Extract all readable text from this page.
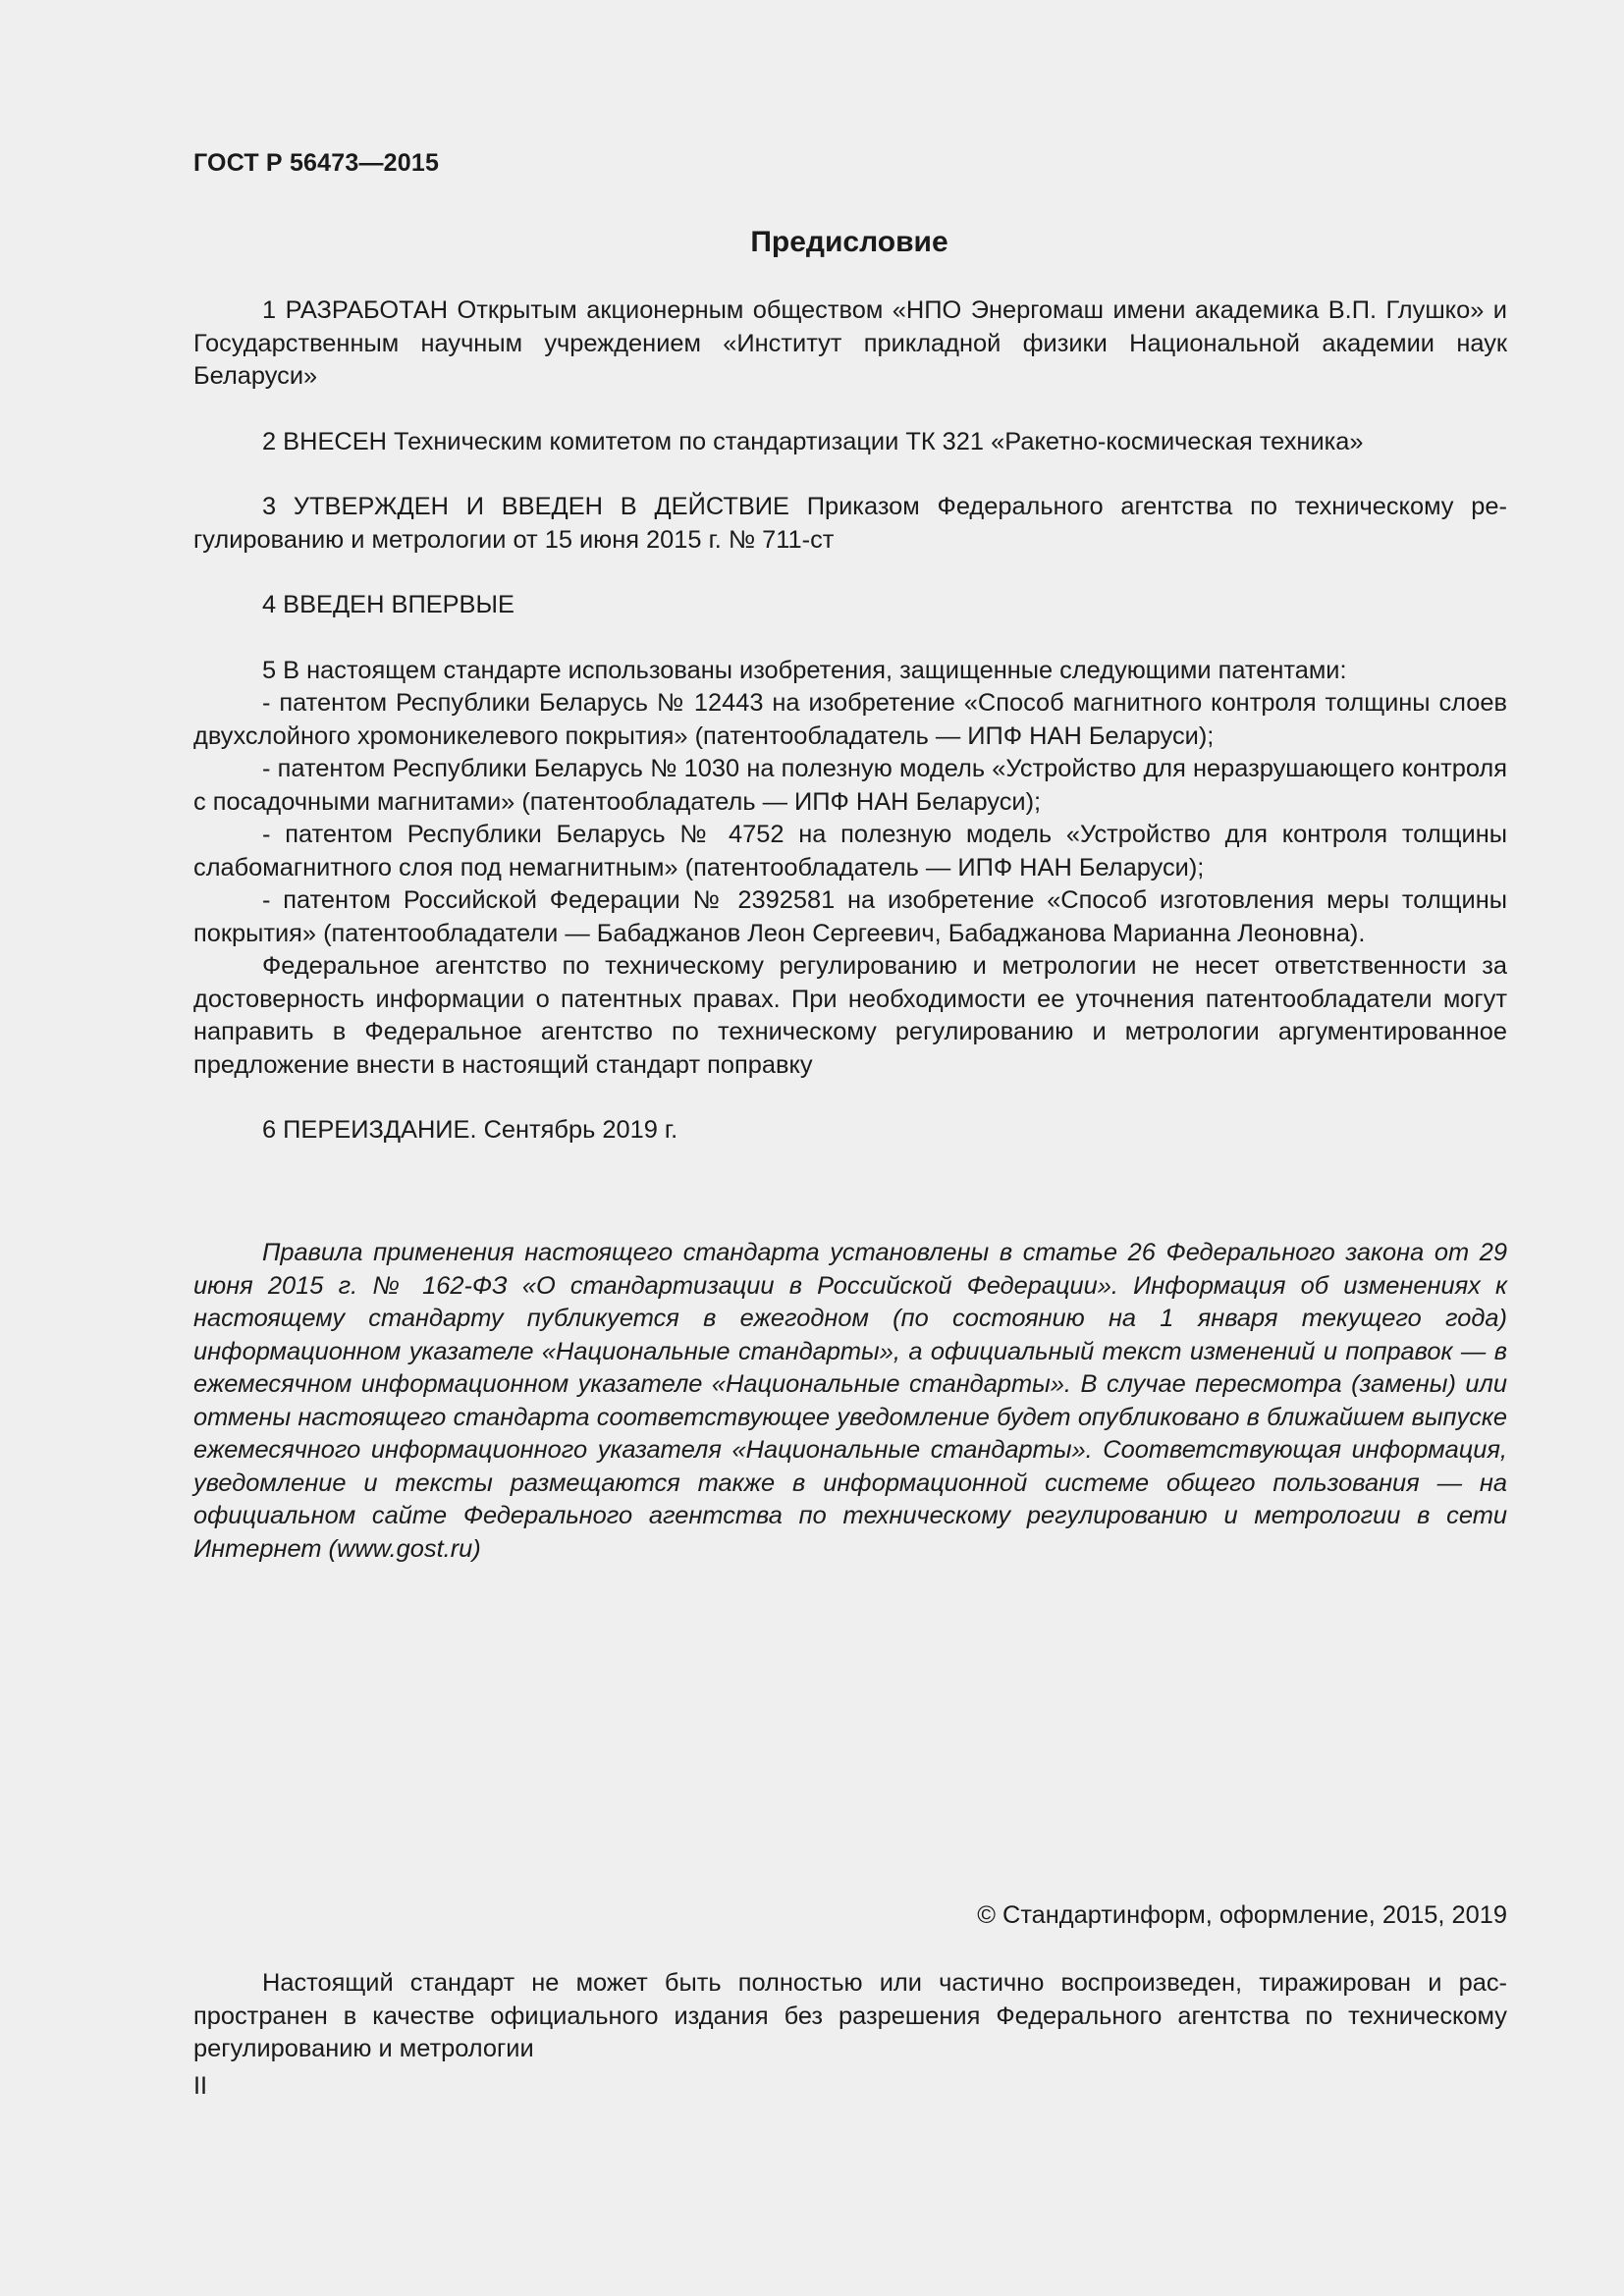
ГОСТ Р 56473—2015
Предисловие

1 РАЗРАБОТАН Открытым акционерным обществом «НПО Энергомаш имени академика В.П. Глушко» и Государственным научным учреждением «Институт прикладной физики Национальной академии наук Беларуси»

2 ВНЕСЕН Техническим комитетом по стандартизации ТК 321 «Ракетно-космическая техника»

3 УТВЕРЖДЕН И ВВЕДЕН В ДЕЙСТВИЕ Приказом Федерального агентства по техническому регулированию и метрологии от 15 июня 2015 г. № 711-ст

4 ВВЕДЕН ВПЕРВЫЕ

5 В настоящем стандарте использованы изобретения, защищенные следующими патентами:

- патентом Республики Беларусь № 12443 на изобретение «Способ магнитного контроля толщины слоев двухслойного хромоникелевого покрытия» (патентообладатель — ИПФ НАН Беларуси);

- патентом Республики Беларусь № 1030 на полезную модель «Устройство для неразрушающего контроля с посадочными магнитами» (патентообладатель — ИПФ НАН Беларуси);

- патентом Республики Беларусь № 4752 на полезную модель «Устройство для контроля толщины слабомагнитного слоя под немагнитным» (патентообладатель — ИПФ НАН Беларуси);

- патентом Российской Федерации № 2392581 на изобретение «Способ изготовления меры толщины покрытия» (патентообладатели — Бабаджанов Леон Сергеевич, Бабаджанова Марианна Леоновна).

Федеральное агентство по техническому регулированию и метрологии не несет ответственности за достоверность информации о патентных правах. При необходимости ее уточнения патентообладатели могут направить в Федеральное агентство по техническому регулированию и метрологии аргументированное предложение внести в настоящий стандарт поправку

6 ПЕРЕИЗДАНИЕ. Сентябрь 2019 г.

Правила применения настоящего стандарта установлены в статье 26 Федерального закона от 29 июня 2015 г. № 162-ФЗ «О стандартизации в Российской Федерации». Информация об изменениях к настоящему стандарту публикуется в ежегодном (по состоянию на 1 января текущего года) информационном указателе «Национальные стандарты», а официальный текст изменений и поправок — в ежемесячном информационном указателе «Национальные стандарты». В случае пересмотра (замены) или отмены настоящего стандарта соответствующее уведомление будет опубликовано в ближайшем выпуске ежемесячного информационного указателя «Национальные стандарты». Соответствующая информация, уведомление и тексты размещаются также в информационной системе общего пользования — на официальном сайте Федерального агентства по техническому регулированию и метрологии в сети Интернет (www.gost.ru)

© Стандартинформ, оформление, 2015, 2019

Настоящий стандарт не может быть полностью или частично воспроизведен, тиражирован и распространен в качестве официального издания без разрешения Федерального агентства по техническому регулированию и метрологии

II
